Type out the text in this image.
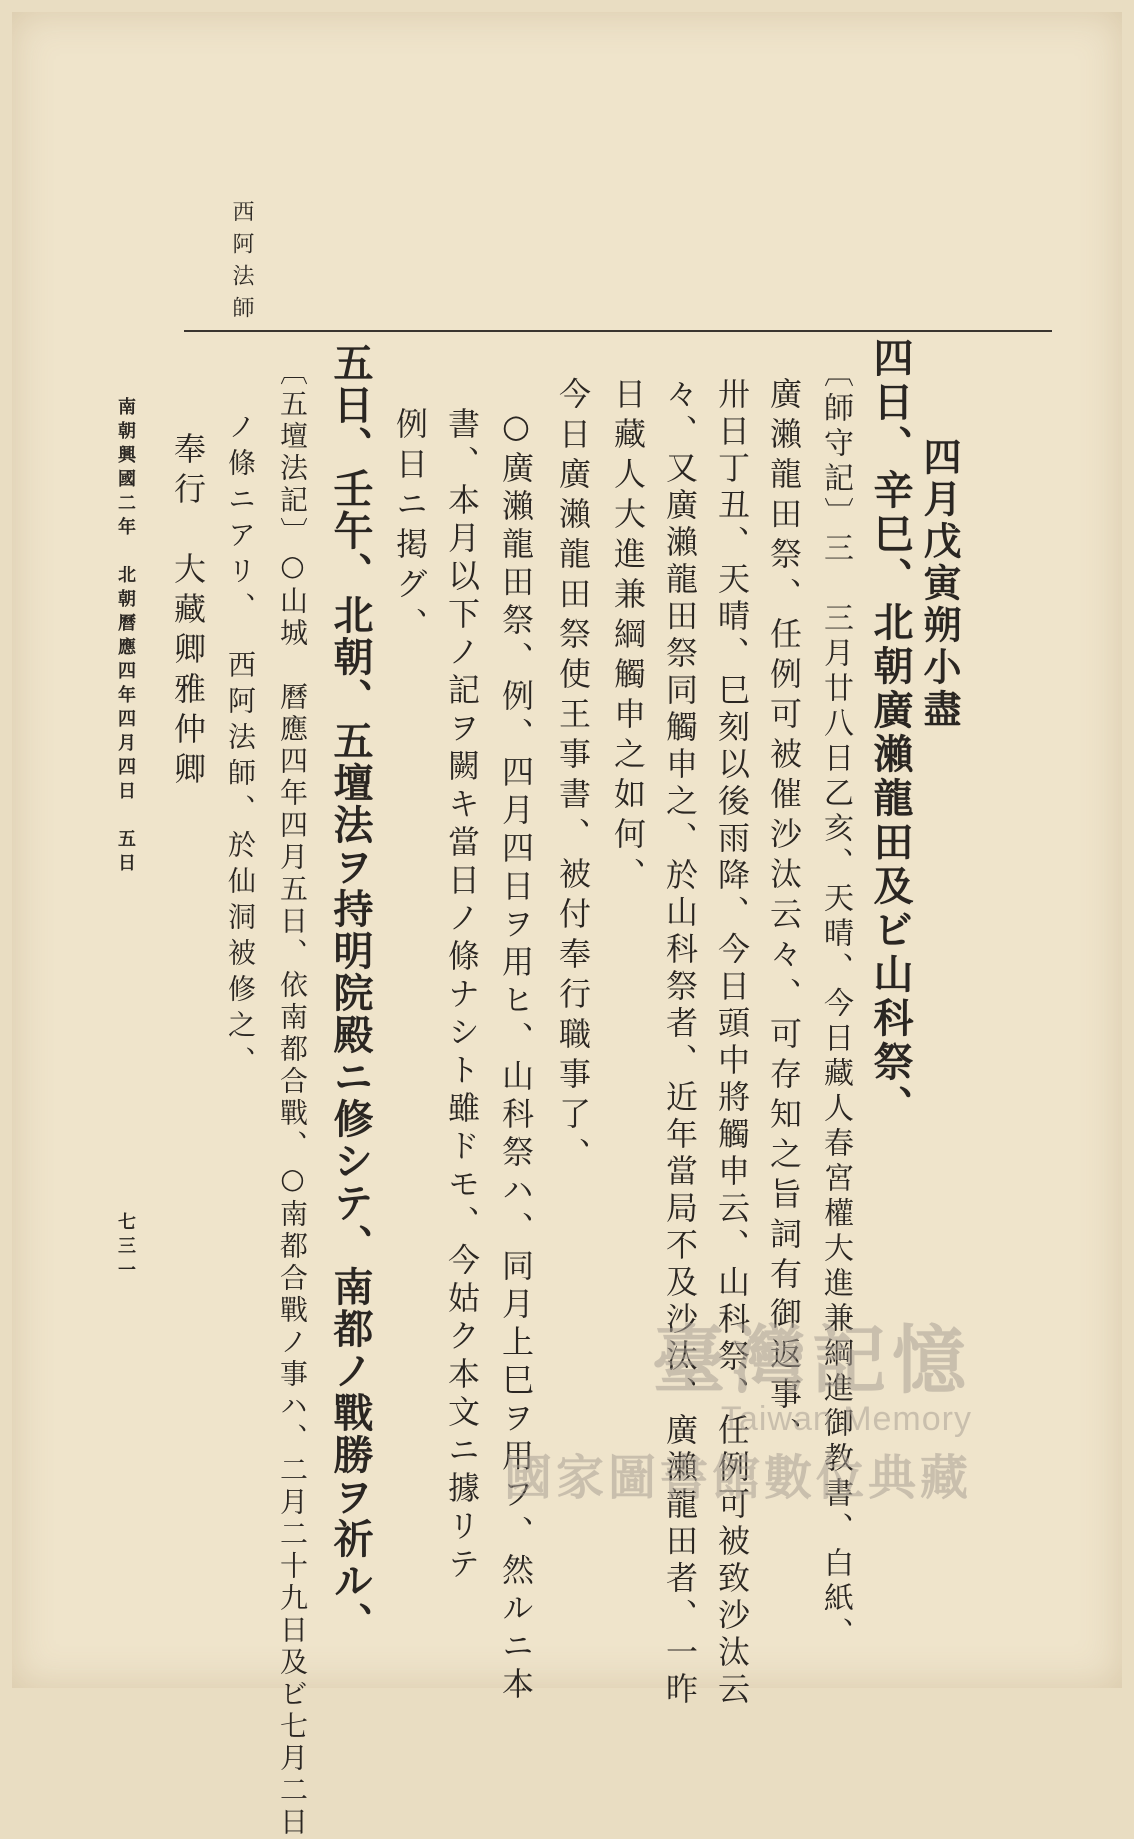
西阿法師
四月戊寅朔小盡
四日、辛巳、北朝廣瀨龍田及ビ山科祭、
〔師守記〕三　三月廿八日乙亥、天晴、今日藏人春宮權大進兼綱進御教書、白紙、
廣瀨龍田祭、任例可被催沙汰云々、可存知之旨詞有御返事、
卅日丁丑、天晴、巳刻以後雨降、今日頭中將觸申云、山科祭、任例可被致沙汰云
々、又廣瀨龍田祭同觸申之、於山科祭者、近年當局不及沙汰、廣瀨龍田者、一昨
日藏人大進兼綱觸申之如何、
今日廣瀨龍田祭使王事書、被付奉行職事了、
○廣瀨龍田祭、例、四月四日ヲ用ヒ、山科祭ハ、同月上巳ヲ用フ、然ルニ本
書、本月以下ノ記ヲ闕キ當日ノ條ナシト雖ドモ、今姑ク本文ニ據リテ
例日ニ掲グ、
五日、壬午、北朝、五壇法ヲ持明院殿ニ修シテ、南都ノ戰勝ヲ祈ル、
〔五壇法記〕○山城　曆應四年四月五日、依南都合戰、○南都合戰ノ事ハ、二月二十九日及ビ七月二日
ノ條ニアリ、　西阿法師、於仙洞被修之、
奉行　大藏卿雅仲卿
南朝興國二年　北朝曆應四年四月四日　五日
七三一
臺灣記憶
Taiwan Memory
國家圖書館數位典藏
